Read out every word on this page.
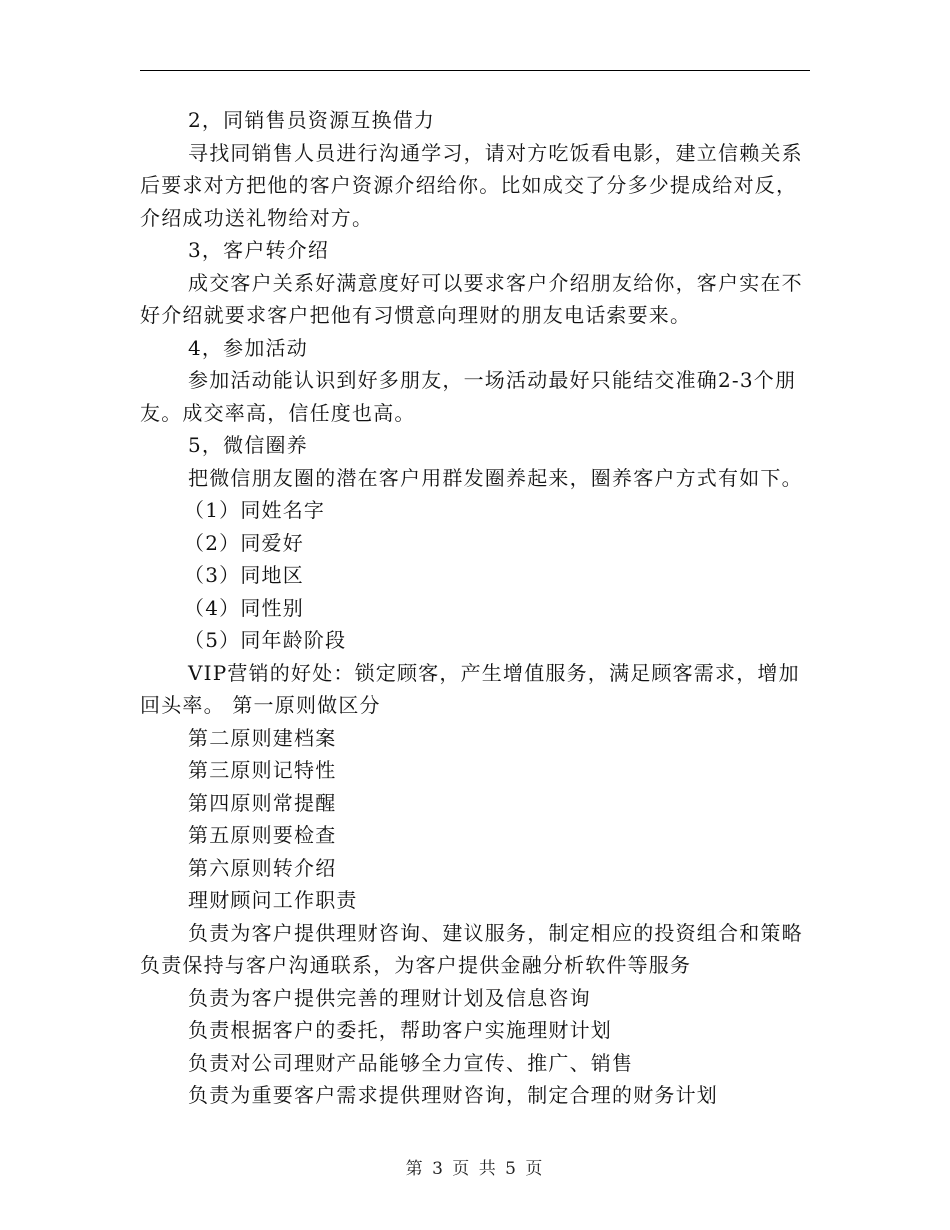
2，同销售员资源互换借力

寻找同销售人员进行沟通学习，请对方吃饭看电影，建立信赖关系后要求对方把他的客户资源介绍给你。比如成交了分多少提成给对反，介绍成功送礼物给对方。

3，客户转介绍

成交客户关系好满意度好可以要求客户介绍朋友给你，客户实在不好介绍就要求客户把他有习惯意向理财的朋友电话索要来。

4，参加活动

参加活动能认识到好多朋友，一场活动最好只能结交准确2-3个朋友。成交率高，信任度也高。

5，微信圈养

把微信朋友圈的潜在客户用群发圈养起来，圈养客户方式有如下。

（1）同姓名字

（2）同爱好

（3）同地区

（4）同性别

（5）同年龄阶段

VIP营销的好处：锁定顾客，产生增值服务，满足顾客需求，增加回头率。 第一原则做区分

第二原则建档案

第三原则记特性

第四原则常提醒

第五原则要检查

第六原则转介绍

理财顾问工作职责

负责为客户提供理财咨询、建议服务，制定相应的投资组合和策略 负责保持与客户沟通联系，为客户提供金融分析软件等服务

负责为客户提供完善的理财计划及信息咨询

负责根据客户的委托，帮助客户实施理财计划

负责对公司理财产品能够全力宣传、推广、销售

负责为重要客户需求提供理财咨询，制定合理的财务计划

第 3 页 共 5 页
